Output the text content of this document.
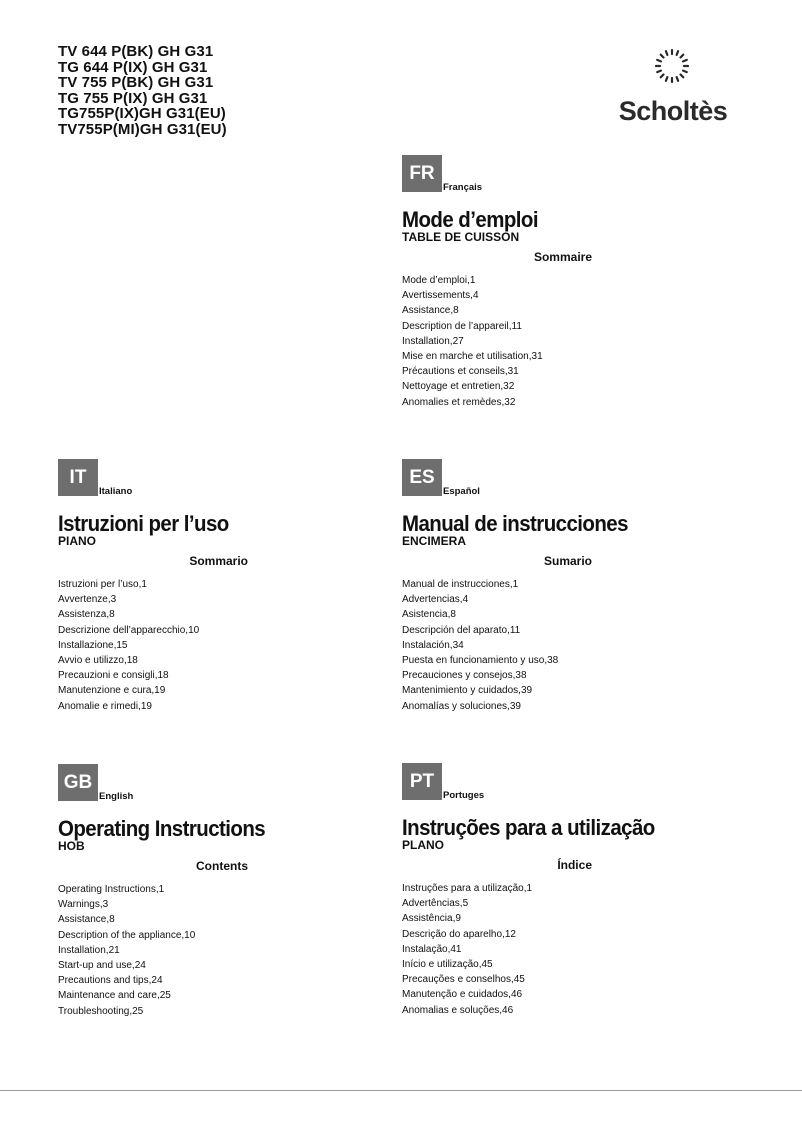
TV 644 P(BK) GH G31
TG 644 P(IX) GH G31
TV 755 P(BK) GH G31
TG 755 P(IX) GH G31
TG755P(IX)GH G31(EU)
TV755P(MI)GH G31(EU)
Scholtès
FR
Français
Mode d’emploi
TABLE DE CUISSON
Sommaire
Mode d’emploi,1
Avertissements,4
Assistance,8
Description de l’appareil,11
Installation,27
Mise en marche et utilisation,31
Précautions et conseils,31
Nettoyage et entretien,32
Anomalies et remèdes,32
IT
Italiano
Istruzioni per l’uso
PIANO
Sommario
Istruzioni per l’uso,1
Avvertenze,3
Assistenza,8
Descrizione dell’apparecchio,10
Installazione,15
Avvio e utilizzo,18
Precauzioni e consigli,18
Manutenzione e cura,19
Anomalie e rimedi,19
ES
Español
Manual de instrucciones
ENCIMERA
Sumario
Manual de instrucciones,1
Advertencias,4
Asistencia,8
Descripción del aparato,11
Instalación,34
Puesta en funcionamiento y uso,38
Precauciones y consejos,38
Mantenimiento y cuidados,39
Anomalías y soluciones,39
GB
English
Operating Instructions
HOB
Contents
Operating Instructions,1
Warnings,3
Assistance,8
Description of the appliance,10
Installation,21
Start-up and use,24
Precautions and tips,24
Maintenance and care,25
Troubleshooting,25
PT
Portuges
Instruções para a utilização
PLANO
Índice
Instruções para a utilização,1
Advertências,5
Assistência,9
Descrição do aparelho,12
Instalação,41
Início e utilização,45
Precauções e conselhos,45
Manutenção e cuidados,46
Anomalias e soluções,46
